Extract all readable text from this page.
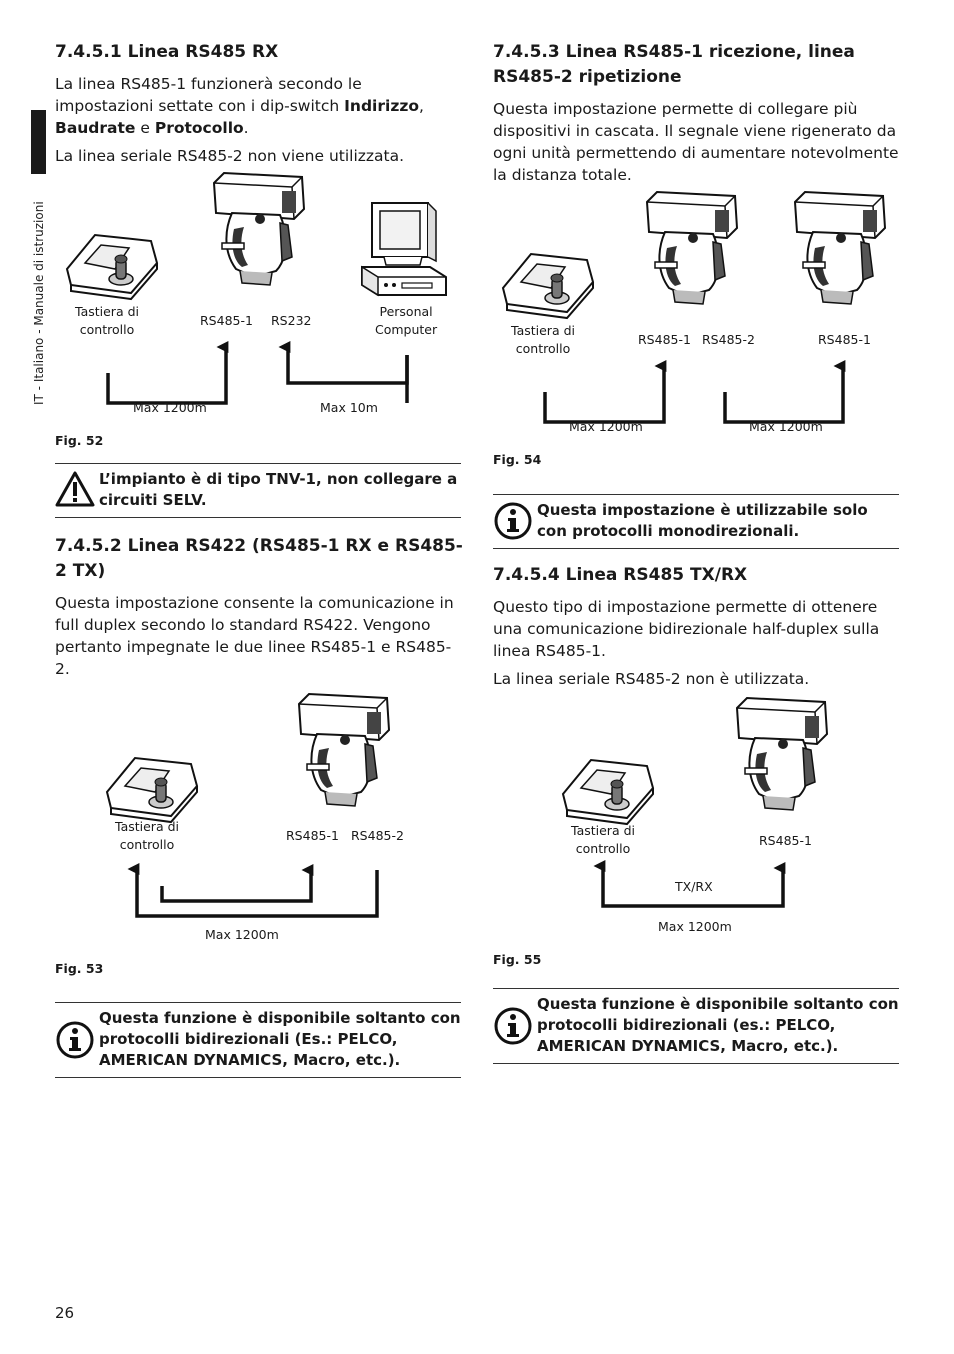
IT - Italiano - Manuale di istruzioni
7.4.5.1 Linea RS485 RX

La linea RS485-1 funzionerà secondo le impostazioni settate con i dip-switch Indirizzo, Baudrate e Protocollo.

La linea seriale RS485-2 non viene utilizzata.

Tastiera di
controllo
RS485-1 RS232
Personal
Computer
Max 1200m	Max 10m
Fig. 52
L’impianto è di tipo TNV-1, non collegare a circuiti SELV.
7.4.5.2 Linea RS422 (RS485-1 RX e RS485-2 TX)

Questa impostazione consente la comunicazione in full duplex secondo lo standard RS422. Vengono pertanto impegnate le due linee RS485-1 e RS485-2.

Tastiera di
controllo
RS485-1 RS485-2
Max 1200m
Fig. 53
Questa funzione è disponibile soltanto con protocolli bidirezionali (Es.: PELCO, AMERICAN DYNAMICS, Macro, etc.).
7.4.5.3 Linea RS485-1 ricezione, linea RS485-2 ripetizione

Questa impostazione permette di collegare più dispositivi in cascata. Il segnale viene rigenerato da ogni unità permettendo di aumentare notevolmente la distanza totale.

Tastiera di
controllo
RS485-1 RS485-2	RS485-1
Max 1200m	Max 1200m
Fig. 54
Questa impostazione è utilizzabile solo con protocolli monodirezionali.
7.4.5.4 Linea RS485 TX/RX

Questo tipo di impostazione permette di ottenere una comunicazione bidirezionale half-duplex sulla linea RS485-1.

La linea seriale RS485-2 non è utilizzata.

Tastiera di
controllo
RS485-1
TX/RX
Max 1200m
Fig. 55
Questa funzione è disponibile soltanto con protocolli bidirezionali (es.: PELCO, AMERICAN DYNAMICS, Macro, etc.).
26
